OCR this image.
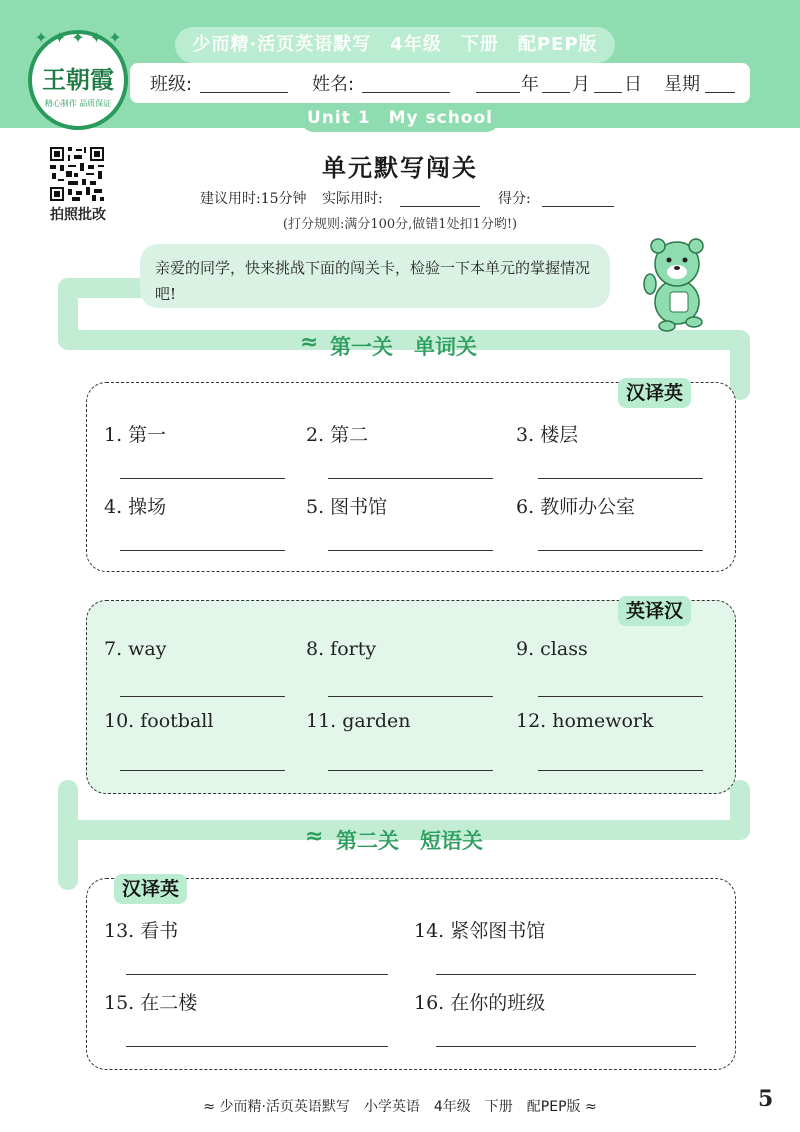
少而精·活页英语默写　4年级　下册　配PEP版
✦ ✦ ✦ ✦ ✦
王朝霞
精心制作 品质保证
班级:	姓名:	年 月 日 星期
Unit 1　My school
拍照批改
单元默写闯关
建议用时:15分钟 实际用时:	得分:
(打分规则:满分100分,做错1处扣1分哟!)
亲爱的同学，快来挑战下面的闯关卡，检验一下本单元的掌握情况吧!
≈ 第一关　单词关
汉译英
1. 第一	2. 第二	3. 楼层
4. 操场	5. 图书馆	6. 教师办公室
英译汉
7. way	8. forty	9. class
10. football	11. garden	12. homework
≈ 第二关　短语关
汉译英
13. 看书	14. 紧邻图书馆
15. 在二楼	16. 在你的班级
≈ 少而精·活页英语默写　小学英语　4年级　下册　配PEP版 ≈	5
